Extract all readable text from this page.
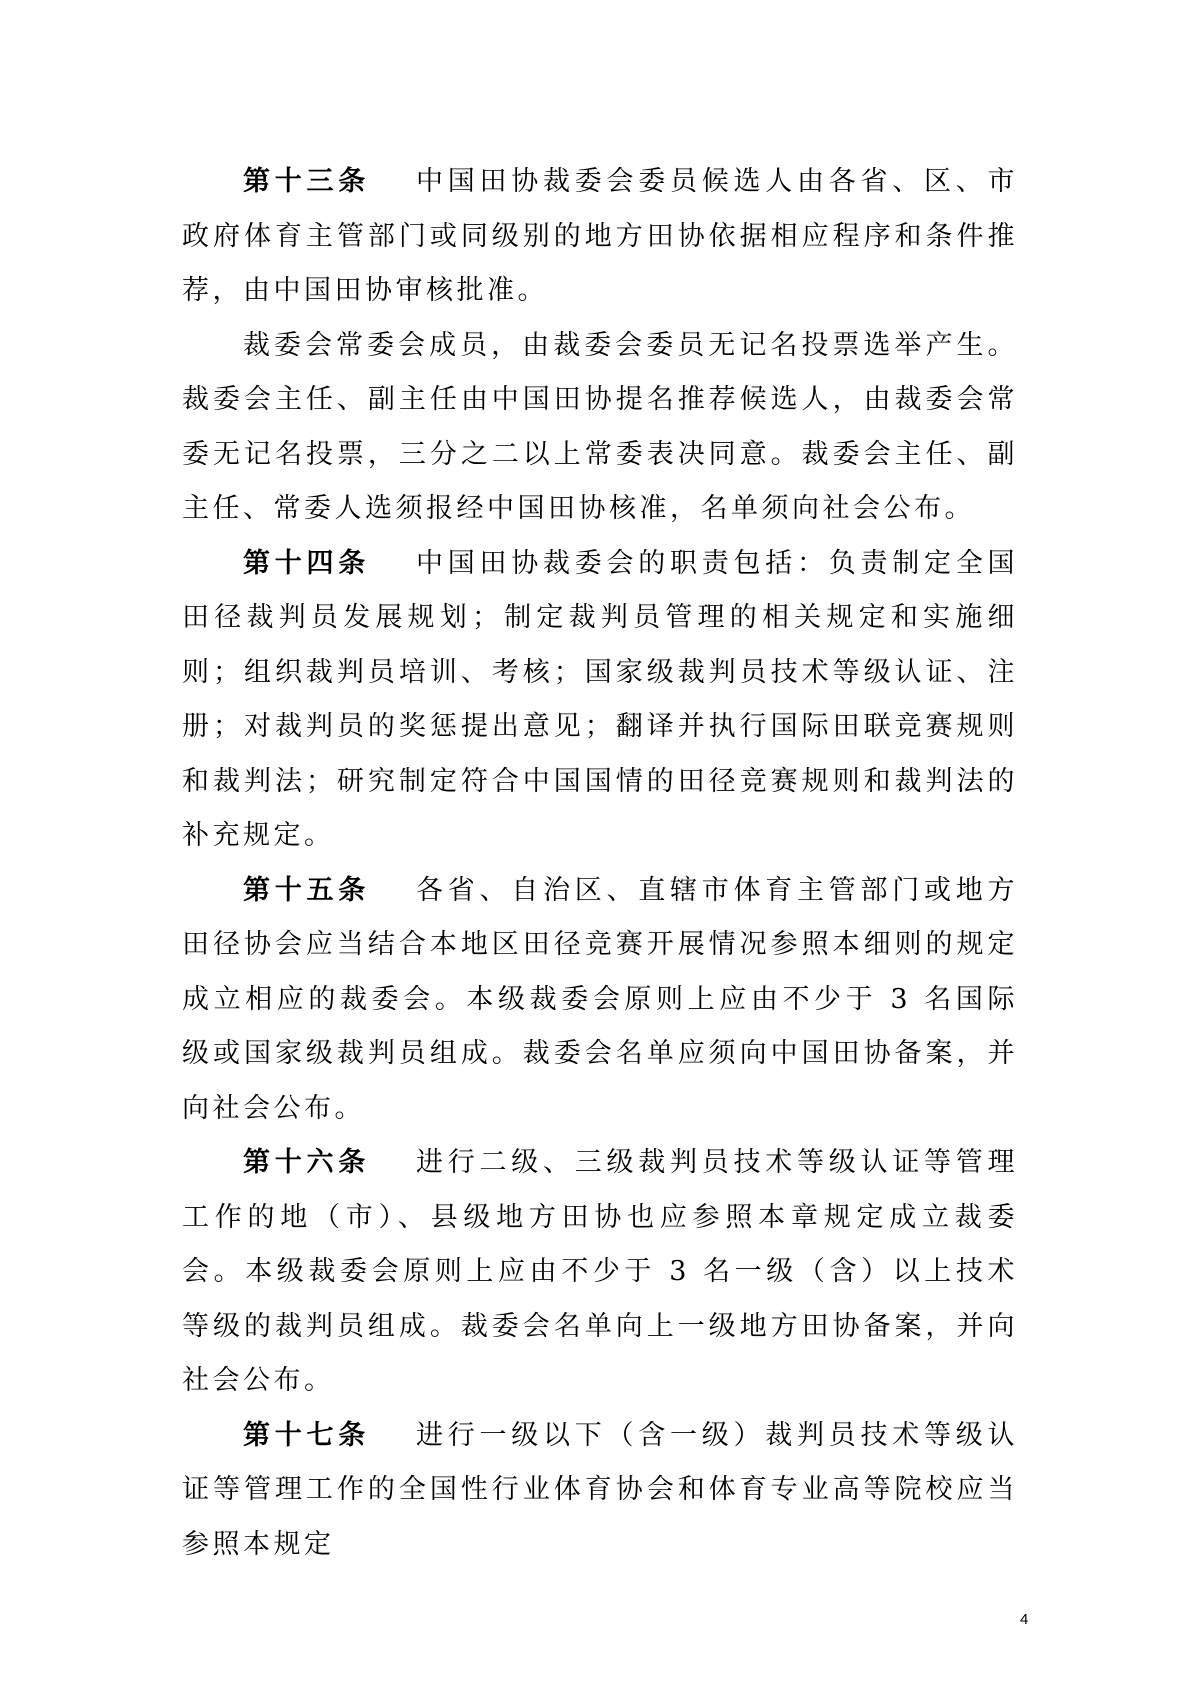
第十三条 中国田协裁委会委员候选人由各省、区、市政府体育主管部门或同级别的地方田协依据相应程序和条件推荐，由中国田协审核批准。

裁委会常委会成员，由裁委会委员无记名投票选举产生。裁委会主任、副主任由中国田协提名推荐候选人，由裁委会常委无记名投票，三分之二以上常委表决同意。裁委会主任、副主任、常委人选须报经中国田协核准，名单须向社会公布。

第十四条 中国田协裁委会的职责包括：负责制定全国田径裁判员发展规划；制定裁判员管理的相关规定和实施细则；组织裁判员培训、考核；国家级裁判员技术等级认证、注册；对裁判员的奖惩提出意见；翻译并执行国际田联竞赛规则和裁判法；研究制定符合中国国情的田径竞赛规则和裁判法的补充规定。

第十五条 各省、自治区、直辖市体育主管部门或地方田径协会应当结合本地区田径竞赛开展情况参照本细则的规定成立相应的裁委会。本级裁委会原则上应由不少于 3 名国际级或国家级裁判员组成。裁委会名单应须向中国田协备案，并向社会公布。

第十六条 进行二级、三级裁判员技术等级认证等管理工作的地（市）、县级地方田协也应参照本章规定成立裁委会。本级裁委会原则上应由不少于 3 名一级（含）以上技术等级的裁判员组成。裁委会名单向上一级地方田协备案，并向社会公布。

第十七条 进行一级以下（含一级）裁判员技术等级认证等管理工作的全国性行业体育协会和体育专业高等院校应当参照本规定

4
